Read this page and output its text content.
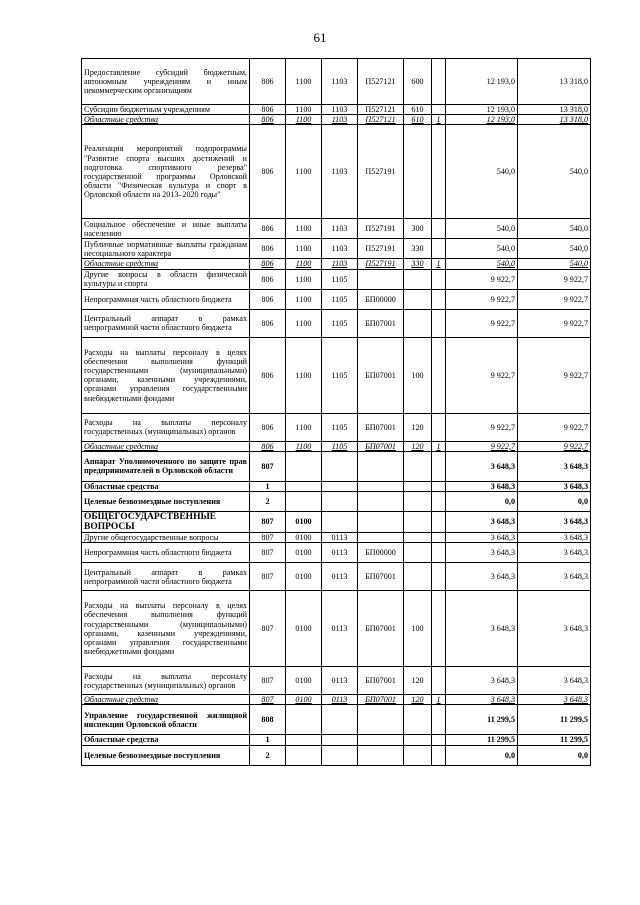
61
Предоставление субсидий бюджетным, автономным учреждениям и иным некоммерческим организациям	806	1100	1103	П527121	600		12 193,0	13 318,0
Субсидии бюджетным учреждениям	806	1100	1103	П527121	610		12 193,0	13 318,0
Областные средства	806	1100	1103	П527121	610	1	12 193,0	13 318,0
Реализация мероприятий подпрограммы "Развитие спорта высших достижений и подготовка спортивного резерва" государственной программы Орловской области "Физическая культура и спорт в Орловской области на 2013–2020 годы"	806	1100	1103	П527191			540,0	540,0
Социальное обеспечение и иные выплаты населению	806	1100	1103	П527191	300		540,0	540,0
Публичные нормативные выплаты гражданам несоциального характера	806	1100	1103	П527191	330		540,0	540,0
Областные средства	806	1100	1103	П527191	330	1	540,0	540,0
Другие вопросы в области физической культуры и спорта	806	1100	1105				9 922,7	9 922,7
Непрограммная часть областного бюджета	806	1100	1105	БП00000			9 922,7	9 922,7
Центральный аппарат в рамках непрограммной части областного бюджета	806	1100	1105	БП07001			9 922,7	9 922,7
Расходы на выплаты персоналу в целях обеспечения выполнения функций государственными (муниципальными) органами, казенными учреждениями, органами управления государственными внебюджетными фондами	806	1100	1105	БП07001	100		9 922,7	9 922,7
Расходы на выплаты персоналу государственных (муниципальных) органов	806	1100	1105	БП07001	120		9 922,7	9 922,7
Областные средства	806	1100	1105	БП07001	120	1	9 922,7	9 922,7
Аппарат Уполномоченного по защите прав предпринимателей в Орловской области	807						3 648,3	3 648,3
Областные средства	1						3 648,3	3 648,3
Целевые безвозмездные поступления	2						0,0	0,0
ОБЩЕГОСУДАРСТВЕННЫЕ ВОПРОСЫ	807	0100					3 648,3	3 648,3
Другие общегосударственные вопросы	807	0100	0113				3 648,3	3 648,3
Непрограммная часть областного бюджета	807	0100	0113	БП00000			3 648,3	3 648,3
Центральный аппарат в рамках непрограммной части областного бюджета	807	0100	0113	БП07001			3 648,3	3 648,3
Расходы на выплаты персоналу в целях обеспечения выполнения функций государственными (муниципальными) органами, казенными учреждениями, органами управления государственными внебюджетными фондами	807	0100	0113	БП07001	100		3 648,3	3 648,3
Расходы на выплаты персоналу государственных (муниципальных) органов	807	0100	0113	БП07001	120		3 648,3	3 648,3
Областные средства	807	0100	0113	БП07001	120	1	3 648,3	3 648,3
Управление государственной жилищной инспекции Орловской области	808						11 299,5	11 299,5
Областные средства	1						11 299,5	11 299,5
Целевые безвозмездные поступления	2						0,0	0,0
